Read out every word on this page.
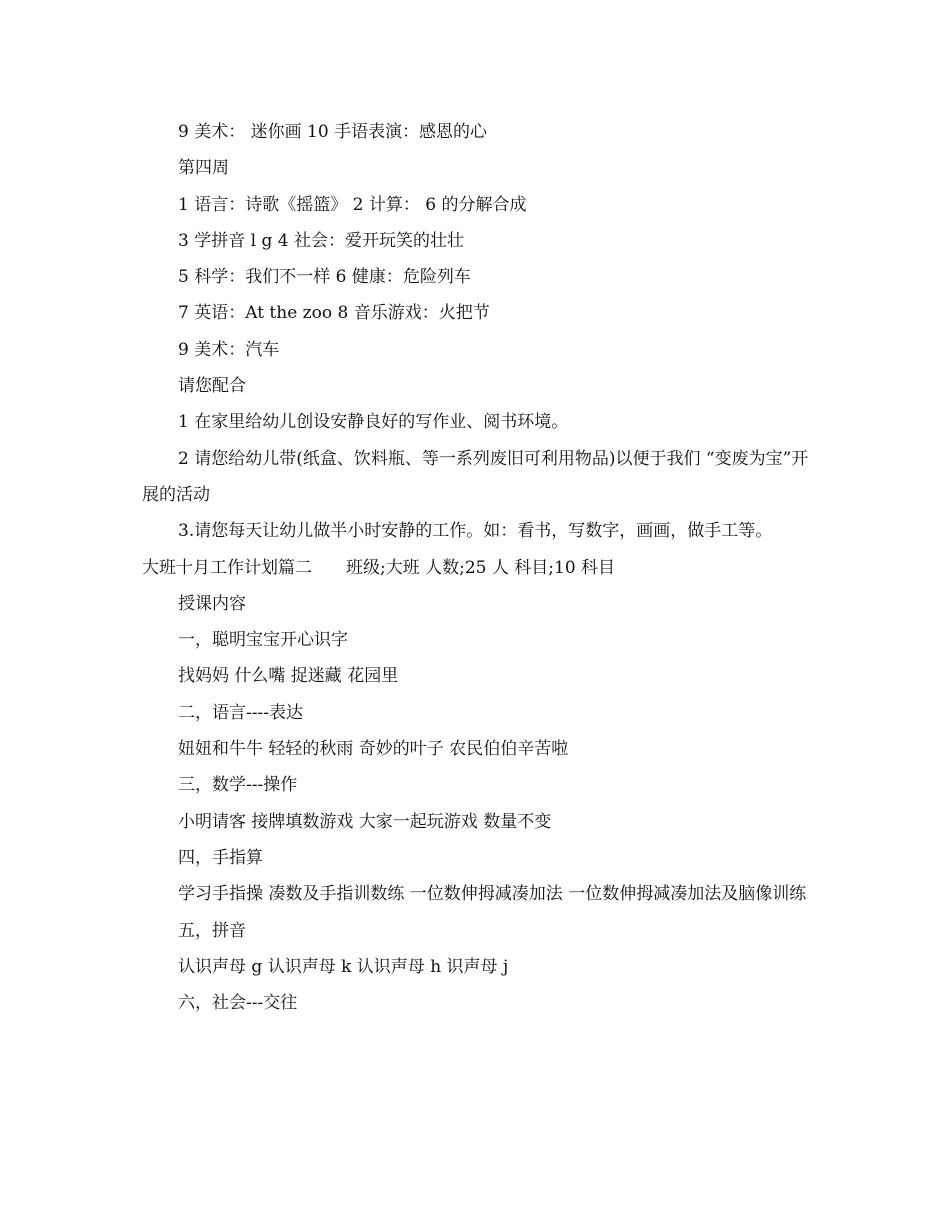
9 美术： 迷你画 10 手语表演：感恩的心

第四周

1 语言：诗歌《摇篮》 2 计算： 6 的分解合成

3 学拼音 l g 4 社会：爱开玩笑的壮壮

5 科学：我们不一样 6 健康：危险列车

7 英语：At the zoo 8 音乐游戏：火把节

9 美术：汽车

请您配合

1 在家里给幼儿创设安静良好的写作业、阅书环境。

2 请您给幼儿带(纸盒、饮料瓶、等一系列废旧可利用物品)以便于我们 “变废为宝”开展的活动

3.请您每天让幼儿做半小时安静的工作。如：看书，写数字，画画，做手工等。

大班十月工作计划篇二　　班级;大班 人数;25 人 科目;10 科目

授课内容

一，聪明宝宝开心识字

找妈妈 什么嘴 捉迷藏 花园里

二，语言----表达

妞妞和牛牛 轻轻的秋雨 奇妙的叶子 农民伯伯辛苦啦

三，数学---操作

小明请客 接牌填数游戏 大家一起玩游戏 数量不变

四，手指算

学习手指操 凑数及手指训数练 一位数伸拇减凑加法 一位数伸拇减凑加法及脑像训练

五，拼音

认识声母 g 认识声母 k 认识声母 h 识声母 j

六，社会---交往
